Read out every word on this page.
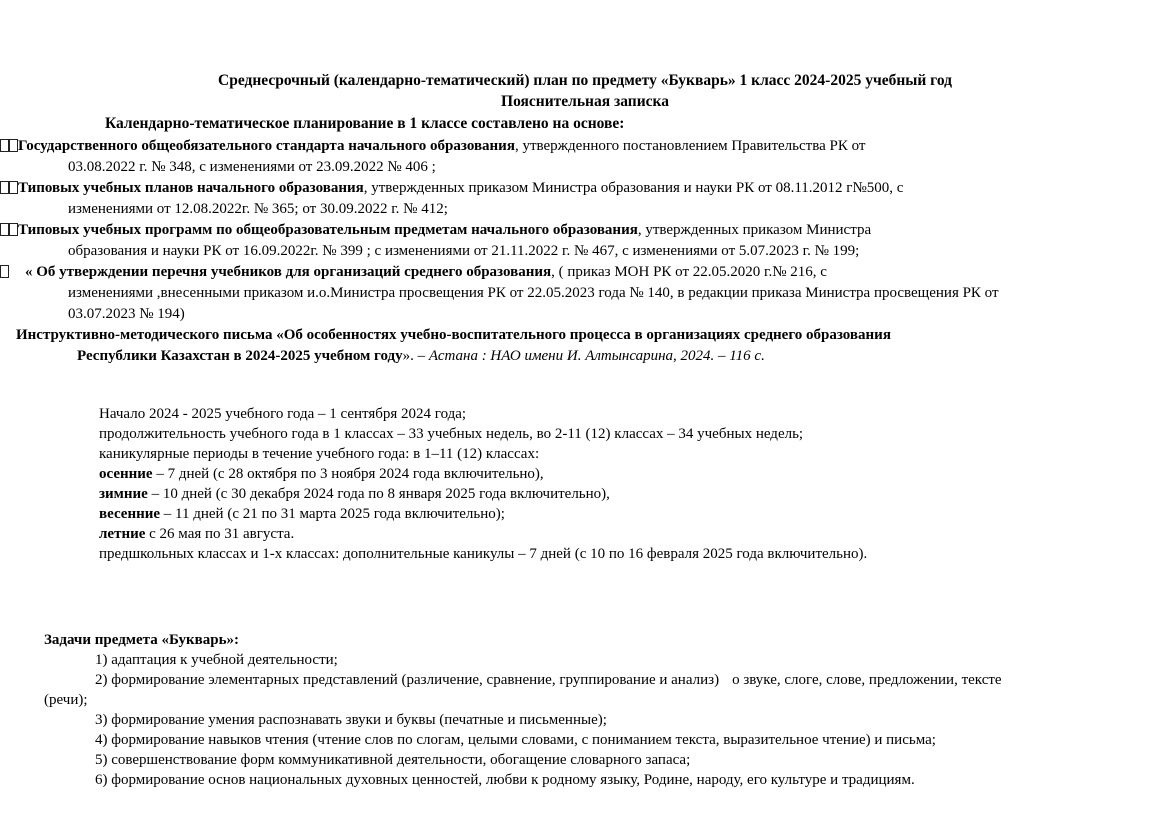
Среднесрочный (календарно-тематический) план по предмету «Букварь» 1 класс 2024-2025 учебный год
Пояснительная записка
Календарно-тематическое планирование в 1 классе составлено на основе:
Государственного общеобязательного стандарта начального образования, утвержденного постановлением Правительства РК от
03.08.2022 г. № 348, с изменениями от 23.09.2022 № 406 ;
Типовых учебных планов начального образования, утвержденных приказом Министра образования и науки РК от 08.11.2012 г№500, с
изменениями от 12.08.2022г. № 365; от 30.09.2022 г. № 412;
Типовых учебных программ по общеобразовательным предметам начального образования, утвержденных приказом Министра
образования и науки РК от 16.09.2022г. № 399 ; с изменениями от 21.11.2022 г. № 467, с изменениями от 5.07.2023 г. № 199;
« Об утверждении перечня учебников для организаций среднего образования, ( приказ МОН РК от 22.05.2020 г.№ 216, с
изменениями ,внесенными приказом и.о.Министра просвещения РК от 22.05.2023 года № 140, в редакции приказа Министра просвещения РК от
03.07.2023 № 194)
Инструктивно-методического письма «Об особенностях учебно-воспитательного процесса в организациях среднего образования
Республики Казахстан в 2024-2025 учебном году». – Астана : НАО имени И. Алтынсарина, 2024. – 116 с.

Начало 2024 - 2025 учебного года – 1 сентября 2024 года;

продолжительность учебного года в 1 классах – 33 учебных недель, во 2-11 (12) классах – 34 учебных недель;

каникулярные периоды в течение учебного года: в 1–11 (12) классах:

осенние – 7 дней (с 28 октября по 3 ноября 2024 года включительно),

зимние – 10 дней (с 30 декабря 2024 года по 8 января 2025 года включительно),

весенние – 11 дней (с 21 по 31 марта 2025 года включительно);

летние с 26 мая по 31 августа.

предшкольных классах и 1-х классах: дополнительные каникулы – 7 дней (с 10 по 16 февраля 2025 года включительно).

Задачи предмета «Букварь»:

1) адаптация к учебной деятельности;

2) формирование элементарных представлений (различение, сравнение, группирование и анализ) о звуке, слоге, слове, предложении, тексте
(речи);

3) формирование умения распознавать звуки и буквы (печатные и письменные);

4) формирование навыков чтения (чтение слов по слогам, целыми словами, с пониманием текста, выразительное чтение) и письма;

5) совершенствование форм коммуникативной деятельности, обогащение словарного запаса;

6) формирование основ национальных духовных ценностей, любви к родному языку, Родине, народу, его культуре и традициям.
